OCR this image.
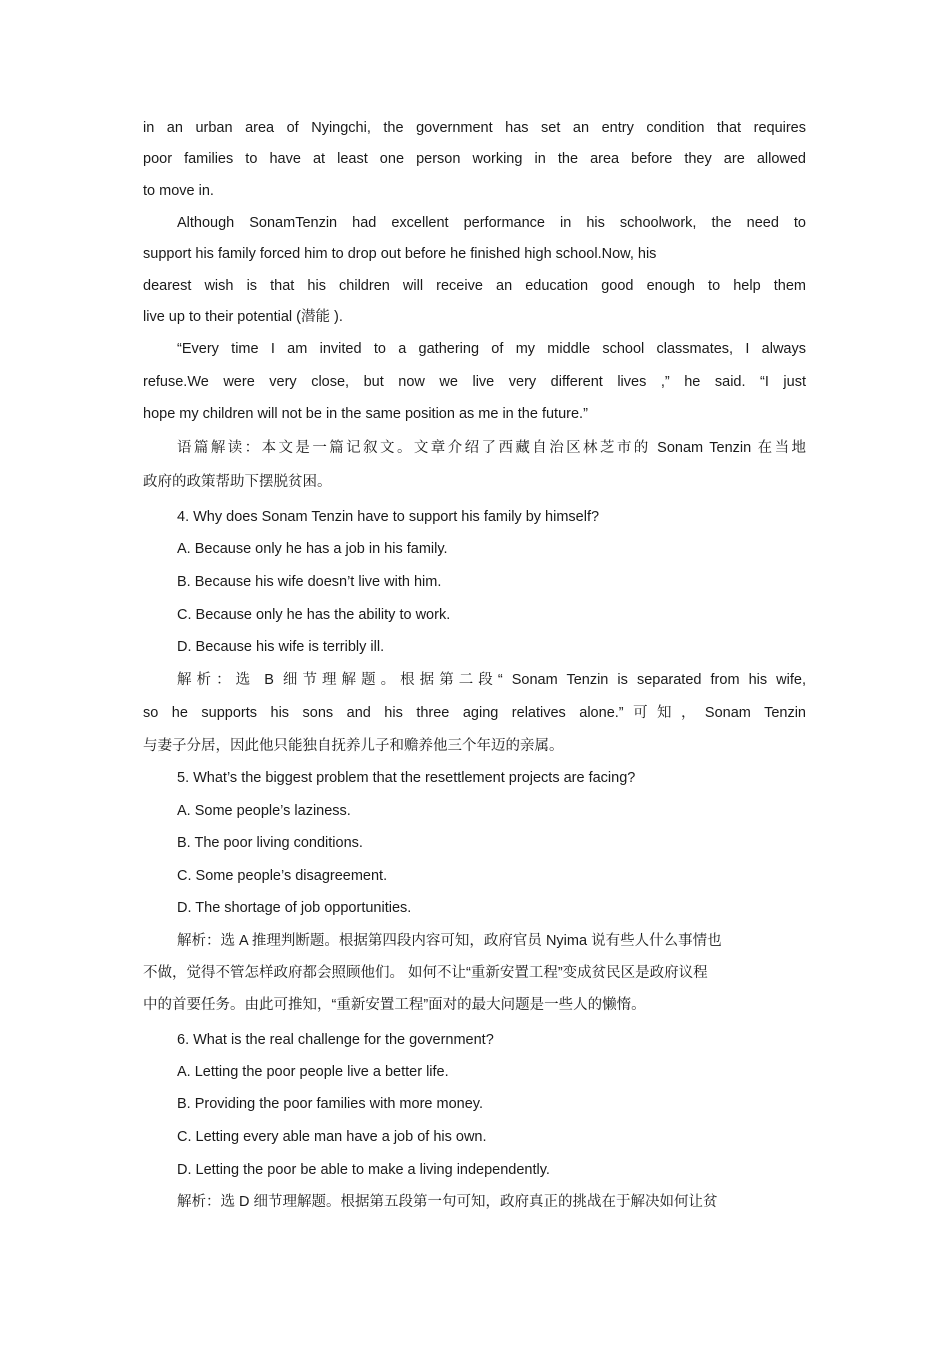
in an urban area of Nyingchi, the government has set an entry condition that requires
poor families to have at least one person working in the area before they are allowed
to move in.
Although SonamTenzin had excellent performance in his schoolwork, the need to
support his family forced him to drop out before he finished high school.Now, his
dearest wish is that his children will receive an education good enough to help them
live up to their potential (潜能 ).
“Every time I am invited to a gathering of my middle school classmates, I always
refuse.We were very close, but now we live very different lives ,” he said. “I just
hope my children will not be in the same position as me in the future.”
语篇解读：本文是一篇记叙文。文章介绍了西藏自治区林芝市的 Sonam Tenzin 在当地
政府的政策帮助下摆脱贫困。
4. Why does Sonam Tenzin have to support his family by himself?
A. Because only he has a job in his family.
B. Because his wife doesn’t live with him.
C. Because only he has the ability to work.
D. Because his wife is terribly ill.
解析：选 B 细节理解题。根据第二段“ Sonam Tenzin is separated from his wife,
so he supports his sons and his three aging relatives alone.”可知，Sonam Tenzin
与妻子分居，因此他只能独自抚养儿子和赡养他三个年迈的亲属。
5. What’s the biggest problem that the resettlement projects are facing?
A. Some people’s laziness.
B. The poor living conditions.
C. Some people’s disagreement.
D. The shortage of job opportunities.
解析：选 A 推理判断题。根据第四段内容可知，政府官员 Nyima 说有些人什么事情也
不做，觉得不管怎样政府都会照顾他们。 如何不让“重新安置工程”变成贫民区是政府议程
中的首要任务。由此可推知，“重新安置工程”面对的最大问题是一些人的懒惰。
6. What is the real challenge for the government?
A. Letting the poor people live a better life.
B. Providing the poor families with more money.
C. Letting every able man have a job of his own.
D. Letting the poor be able to make a living independently.
解析：选 D 细节理解题。根据第五段第一句可知，政府真正的挑战在于解决如何让贫
